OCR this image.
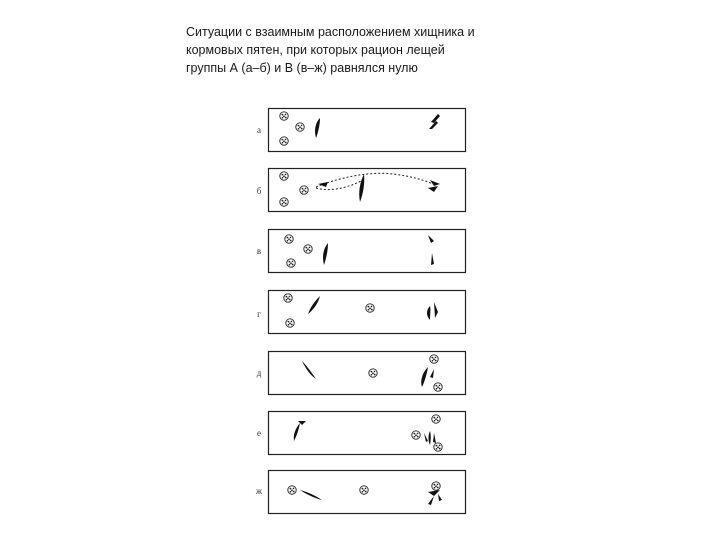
Ситуации с взаимным расположением хищника и
кормовых пятен, при которых рацион лещей
группы А (а–б) и В (в–ж) равнялся нулю
а
б
в
г
д
е
ж
